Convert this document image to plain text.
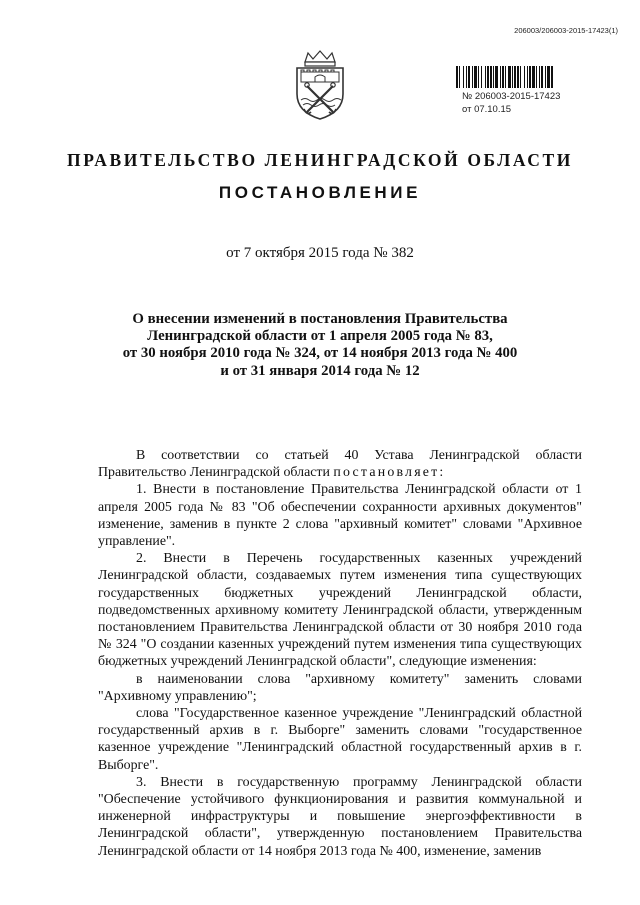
206003/206003-2015-17423(1)
№ 206003-2015-17423
от 07.10.15
ПРАВИТЕЛЬСТВО ЛЕНИНГРАДСКОЙ ОБЛАСТИ
ПОСТАНОВЛЕНИЕ
от 7 октября 2015 года № 382
О внесении изменений в постановления Правительства
Ленинградской области от 1 апреля 2005 года № 83,
от 30 ноября 2010 года № 324, от 14 ноября 2013 года № 400
и от 31 января 2014 года № 12

В соответствии со статьей 40 Устава Ленинградской области Правительство Ленинградской области постановляет:

1. Внести в постановление Правительства Ленинградской области от 1 апреля 2005 года № 83 "Об обеспечении сохранности архивных документов" изменение, заменив в пункте 2 слова "архивный комитет" словами "Архивное управление".

2. Внести в Перечень государственных казенных учреждений Ленинградской области, создаваемых путем изменения типа существующих государственных бюджетных учреждений Ленинградской области, подведомственных архивному комитету Ленинградской области, утвержденным постановлением Правительства Ленинградской области от 30 ноября 2010 года № 324 "О создании казенных учреждений путем изменения типа существующих бюджетных учреждений Ленинградской области", следующие изменения:

в наименовании слова "архивному комитету" заменить словами "Архивному управлению";

слова "Государственное казенное учреждение "Ленинградский областной государственный архив в г. Выборге" заменить словами "государственное казенное учреждение "Ленинградский областной государственный архив в г. Выборге".

3. Внести в государственную программу Ленинградской области "Обеспечение устойчивого функционирования и развития коммунальной и инженерной инфраструктуры и повышение энергоэффективности в Ленинградской области", утвержденную постановлением Правительства Ленинградской области от 14 ноября 2013 года № 400, изменение, заменив
